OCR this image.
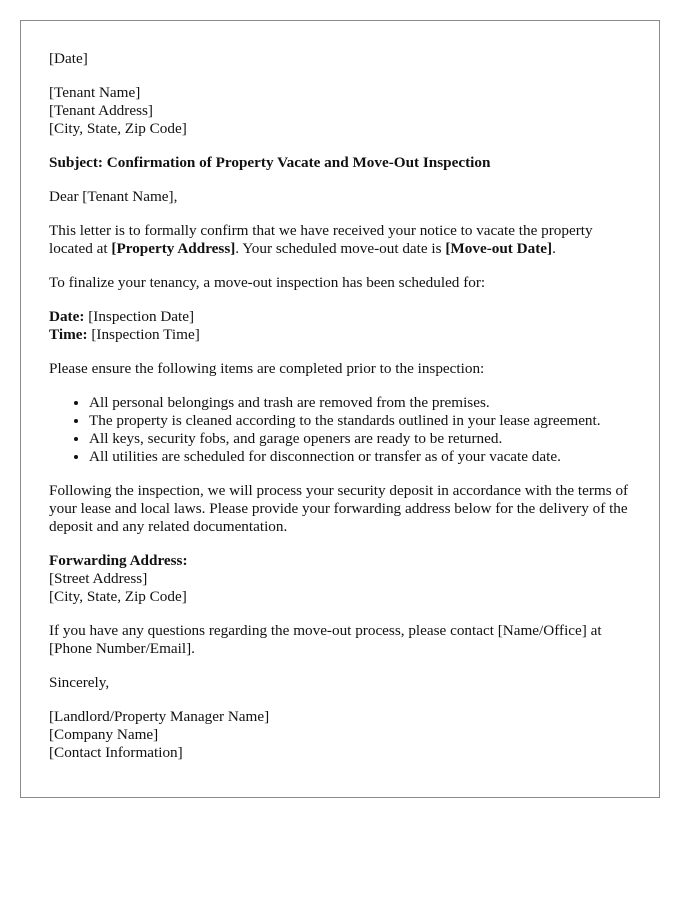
[Date]

[Tenant Name]
[Tenant Address]
[City, State, Zip Code]

Subject: Confirmation of Property Vacate and Move-Out Inspection

Dear [Tenant Name],

This letter is to formally confirm that we have received your notice to vacate the property located at [Property Address]. Your scheduled move-out date is [Move-out Date].

To finalize your tenancy, a move-out inspection has been scheduled for:

Date: [Inspection Date]
Time: [Inspection Time]

Please ensure the following items are completed prior to the inspection:

• All personal belongings and trash are removed from the premises.
• The property is cleaned according to the standards outlined in your lease agreement.
• All keys, security fobs, and garage openers are ready to be returned.
• All utilities are scheduled for disconnection or transfer as of your vacate date.

Following the inspection, we will process your security deposit in accordance with the terms of your lease and local laws. Please provide your forwarding address below for the delivery of the deposit and any related documentation.

Forwarding Address:
[Street Address]
[City, State, Zip Code]

If you have any questions regarding the move-out process, please contact [Name/Office] at [Phone Number/Email].

Sincerely,

[Landlord/Property Manager Name]
[Company Name]
[Contact Information]
